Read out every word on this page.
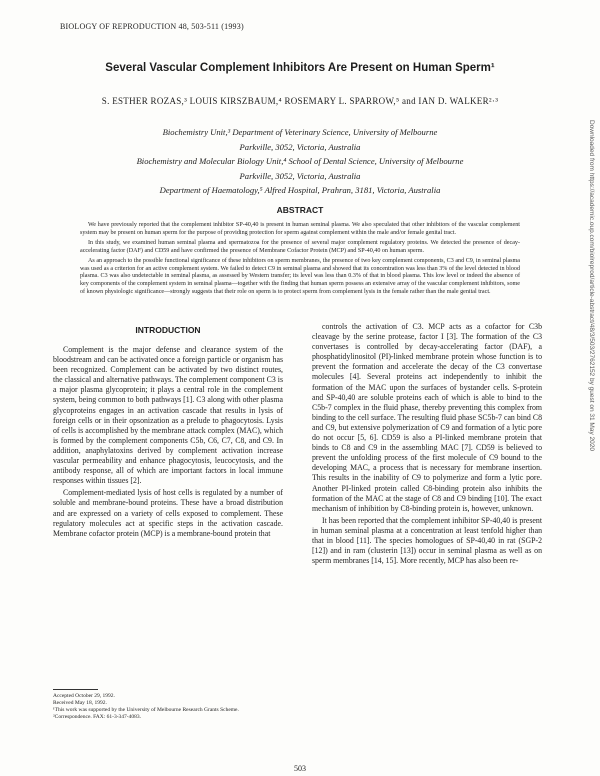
BIOLOGY OF REPRODUCTION 48, 503-511 (1993)
Several Vascular Complement Inhibitors Are Present on Human Sperm¹
S. ESTHER ROZAS,³ LOUIS KIRSZBAUM,⁴ ROSEMARY L. SPARROW,⁵ and IAN D. WALKER²·³
Biochemistry Unit,³ Department of Veterinary Science, University of Melbourne
Parkville, 3052, Victoria, Australia
Biochemistry and Molecular Biology Unit,⁴ School of Dental Science, University of Melbourne
Parkville, 3052, Victoria, Australia
Department of Haematology,⁵ Alfred Hospital, Prahran, 3181, Victoria, Australia
ABSTRACT

We have previously reported that the complement inhibitor SP-40,40 is present in human seminal plasma. We also speculated that other inhibitors of the vascular complement system may be present on human sperm for the purpose of providing protection for sperm against complement within the male and/or female genital tract.

In this study, we examined human seminal plasma and spermatozoa for the presence of several major complement regulatory proteins. We detected the presence of decay-accelerating factor (DAF) and CD59 and have confirmed the presence of Membrane Cofactor Protein (MCP) and SP-40,40 on human sperm.

As an approach to the possible functional significance of these inhibitors on sperm membranes, the presence of two key complement components, C3 and C9, in seminal plasma was used as a criterion for an active complement system. We failed to detect C9 in seminal plasma and showed that its concentration was less than 3% of the level detected in blood plasma. C3 was also undetectable in seminal plasma, as assessed by Western transfer; its level was less than 0.3% of that in blood plasma. This low level or indeed the absence of key components of the complement system in seminal plasma—together with the finding that human sperm possess an extensive array of the vascular complement inhibitors, some of known physiologic significance—strongly suggests that their role on sperm is to protect sperm from complement lysis in the female rather than the male genital tract.

INTRODUCTION

Complement is the major defense and clearance system of the bloodstream and can be activated once a foreign particle or organism has been recognized. Complement can be activated by two distinct routes, the classical and alternative pathways. The complement component C3 is a major plasma glycoprotein; it plays a central role in the complement system, being common to both pathways [1]. C3 along with other plasma glycoproteins engages in an activation cascade that results in lysis of foreign cells or in their opsonization as a prelude to phagocytosis. Lysis of cells is accomplished by the membrane attack complex (MAC), which is formed by the complement components C5b, C6, C7, C8, and C9. In addition, anaphylatoxins derived by complement activation increase vascular permeability and enhance phagocytosis, leucocytosis, and the antibody response, all of which are important factors in local immune responses within tissues [2].

Complement-mediated lysis of host cells is regulated by a number of soluble and membrane-bound proteins. These have a broad distribution and are expressed on a variety of cells exposed to complement. These regulatory molecules act at specific steps in the activation cascade. Membrane cofactor protein (MCP) is a membrane-bound protein that

controls the activation of C3. MCP acts as a cofactor for C3b cleavage by the serine protease, factor I [3]. The formation of the C3 convertases is controlled by decay-accelerating factor (DAF), a phosphatidylinositol (PI)-linked membrane protein whose function is to prevent the formation and accelerate the decay of the C3 convertase molecules [4]. Several proteins act independently to inhibit the formation of the MAC upon the surfaces of bystander cells. S-protein and SP-40,40 are soluble proteins each of which is able to bind to the C5b-7 complex in the fluid phase, thereby preventing this complex from binding to the cell surface. The resulting fluid phase SC5b-7 can bind C8 and C9, but extensive polymerization of C9 and formation of a lytic pore do not occur [5, 6]. CD59 is also a PI-linked membrane protein that binds to C8 and C9 in the assembling MAC [7]. CD59 is believed to prevent the unfolding process of the first molecule of C9 bound to the developing MAC, a process that is necessary for membrane insertion. This results in the inability of C9 to polymerize and form a lytic pore. Another PI-linked protein called C8-binding protein also inhibits the formation of the MAC at the stage of C8 and C9 binding [10]. The exact mechanism of inhibition by C8-binding protein is, however, unknown.

It has been reported that the complement inhibitor SP-40,40 is present in human seminal plasma at a concentration at least tenfold higher than that in blood [11]. The species homologues of SP-40,40 in rat (SGP-2 [12]) and in ram (clusterin [13]) occur in seminal plasma as well as on sperm membranes [14, 15]. More recently, MCP has also been re-

Accepted October 29, 1992.
Received May 18, 1992.
¹This work was supported by the University of Melbourne Research Grants Scheme.
²Correspondence. FAX: 61-3-347-4083.
503
Downloaded from https://academic.oup.com/biolreprod/article-abstract/48/3/503/2762152 by guest on 31 May 2020
